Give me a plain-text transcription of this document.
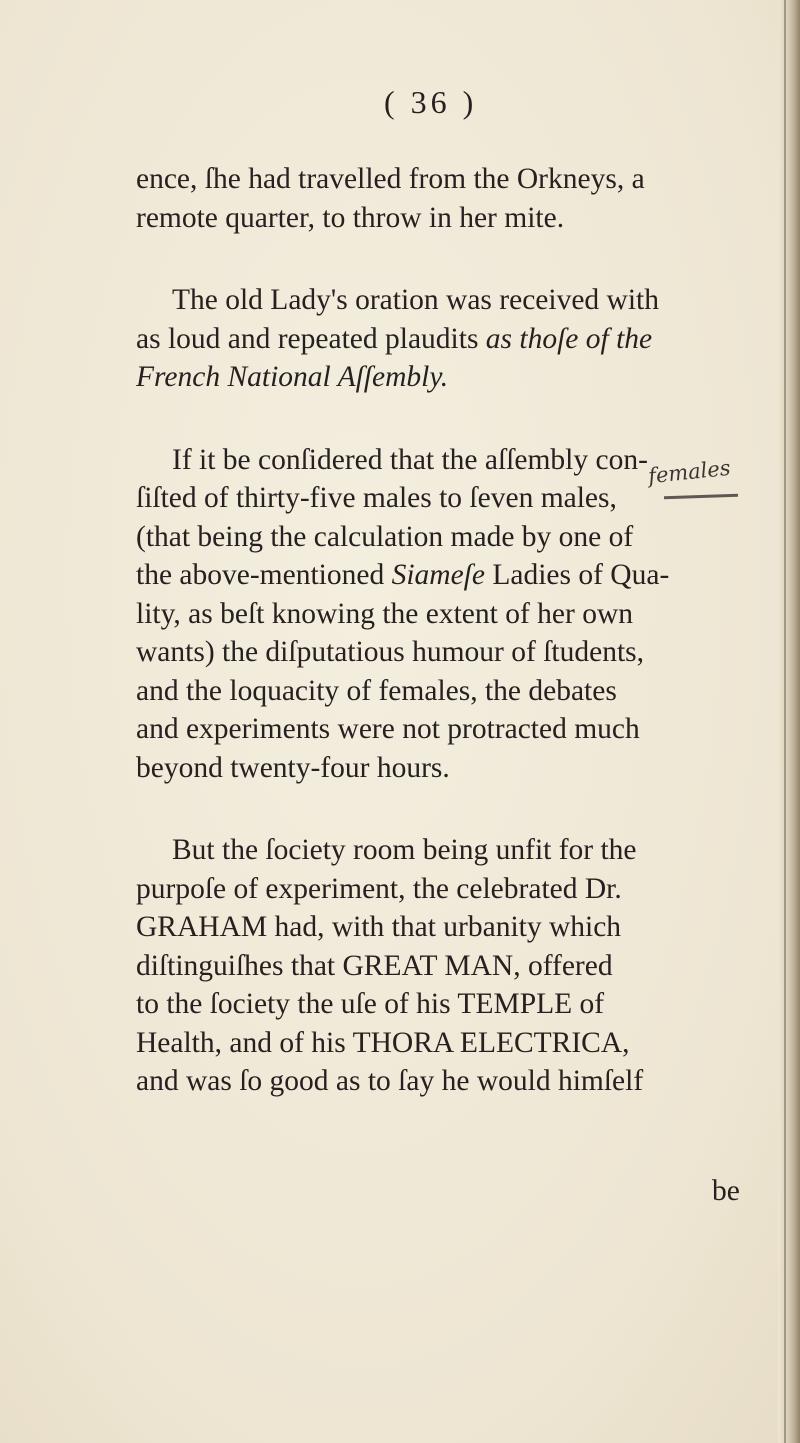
( 36 )
ence, ſhe had travelled from the Orkneys, a
remote quarter, to throw in her mite.
The old Lady's oration was received with
as loud and repeated plaudits as thoſe of the
French National Aſſembly.
If it be conſidered that the aſſembly con-
ſiſted of thirty-five males to ſeven males,
(that being the calculation made by one of
the above-mentioned Siameſe Ladies of Qua-
lity, as beſt knowing the extent of her own
wants) the diſputatious humour of ſtudents,
and the loquacity of females, the debates
and experiments were not protracted much
beyond twenty-four hours.
But the ſociety room being unfit for the
purpoſe of experiment, the celebrated Dr.
GRAHAM had, with that urbanity which
diſtinguiſhes that GREAT MAN, offered
to the ſociety the uſe of his TEMPLE of
Health, and of his THORA ELECTRICA,
and was ſo good as to ſay he would himſelf
females
be
